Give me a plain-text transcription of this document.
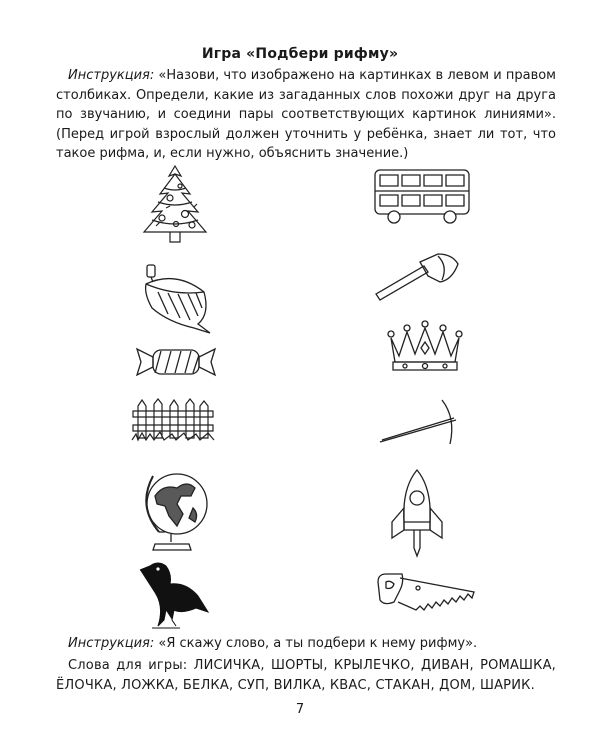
Игра «Подбери рифму»
Инструкция: «Назови, что изображено на картинках в левом и правом столбиках. Определи, какие из загаданных слов похожи друг на друга по звучанию, и соедини пары соответствующих картинок линиями». (Перед игрой взрослый должен уточнить у ребёнка, знает ли тот, что такое рифма, и, если нужно, объяснить значение.)
Инструкция: «Я скажу слово, а ты подбери к нему рифму».
Слова для игры: ЛИСИЧКА, ШОРТЫ, КРЫЛЕЧКО, ДИВАН, РОМАШКА, ЁЛОЧКА, ЛОЖКА, БЕЛКА, СУП, ВИЛКА, КВАС, СТАКАН, ДОМ, ШАРИК.
7
